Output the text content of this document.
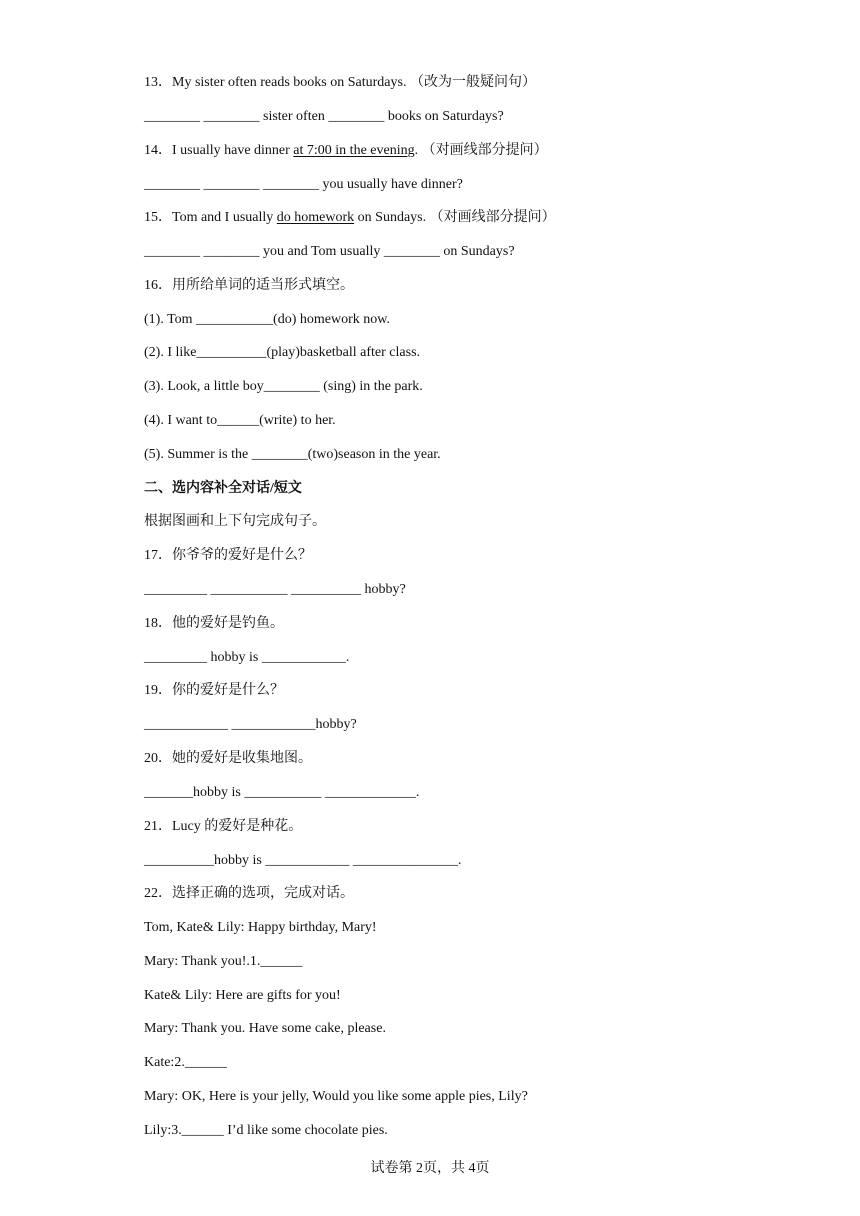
13．My sister often reads books on Saturdays. （改为一般疑问句）
________ ________ sister often ________ books on Saturdays?
14．I usually have dinner at 7:00 in the evening. （对画线部分提问）
________ ________ ________ you usually have dinner?
15．Tom and I usually do homework on Sundays. （对画线部分提问）
________ ________ you and Tom usually ________ on Sundays?
16．用所给单词的适当形式填空。
(1). Tom ___________(do) homework now.
(2). I like__________(play)basketball after class.
(3). Look, a little boy________ (sing) in the park.
(4). I want to______(write) to her.
(5). Summer is the ________(two)season in the year.
二、选内容补全对话/短文
根据图画和上下句完成句子。
17．你爷爷的爱好是什么？
_________ ___________ __________ hobby?
18．他的爱好是钓鱼。
_________ hobby is ____________.
19．你的爱好是什么？
____________ ____________hobby?
20．她的爱好是收集地图。
_______hobby is ___________ _____________.
21．Lucy 的爱好是种花。
__________hobby is ____________ _______________.
22．选择正确的选项，完成对话。
Tom, Kate& Lily: Happy birthday, Mary!
Mary: Thank you!.1.______
Kate& Lily: Here are gifts for you!
Mary: Thank you. Have some cake, please.
Kate:2.______
Mary: OK, Here is your jelly, Would you like some apple pies, Lily?
Lily:3.______ I’d like some chocolate pies.
试卷第 2页，共 4页
